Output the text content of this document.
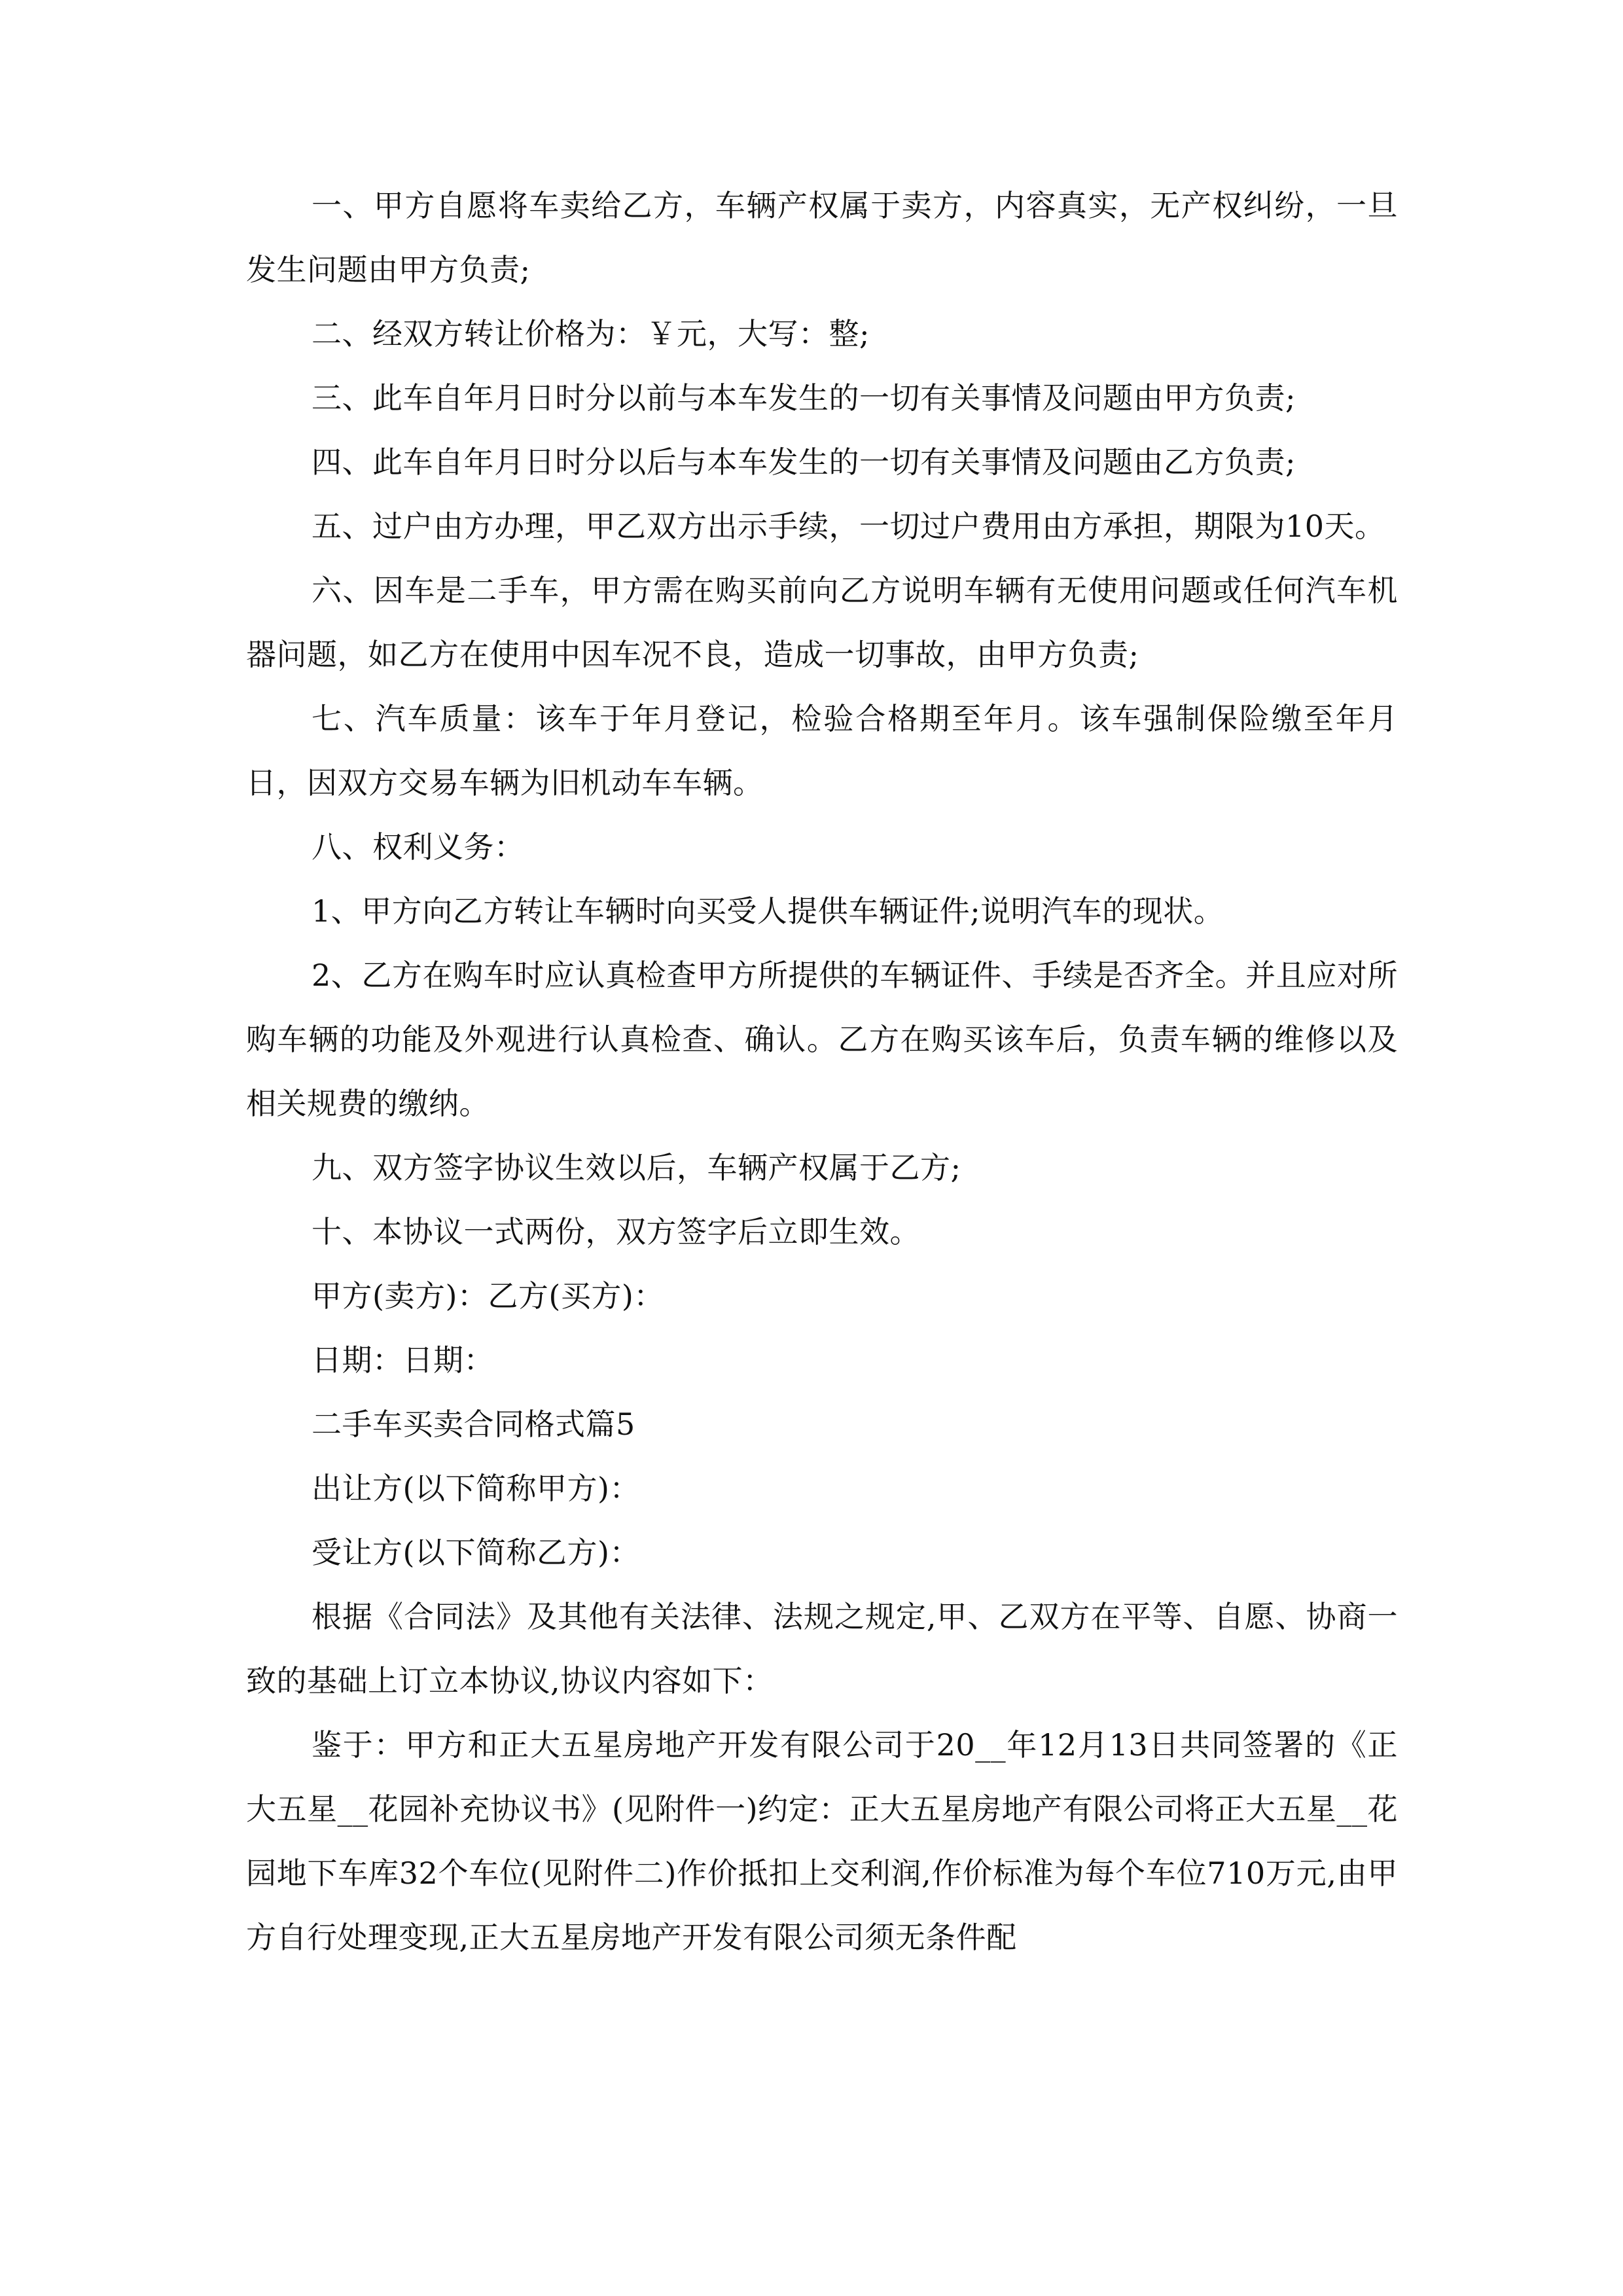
一、甲方自愿将车卖给乙方，车辆产权属于卖方，内容真实，无产权纠纷，一旦发生问题由甲方负责;

二、经双方转让价格为：￥元，大写：整;

三、此车自年月日时分以前与本车发生的一切有关事情及问题由甲方负责;

四、此车自年月日时分以后与本车发生的一切有关事情及问题由乙方负责;

五、过户由方办理，甲乙双方出示手续，一切过户费用由方承担，期限为10天。

六、因车是二手车，甲方需在购买前向乙方说明车辆有无使用问题或任何汽车机器问题，如乙方在使用中因车况不良，造成一切事故，由甲方负责;

七、汽车质量：该车于年月登记，检验合格期至年月。该车强制保险缴至年月日，因双方交易车辆为旧机动车车辆。

八、权利义务：

1、甲方向乙方转让车辆时向买受人提供车辆证件;说明汽车的现状。

2、乙方在购车时应认真检查甲方所提供的车辆证件、手续是否齐全。并且应对所购车辆的功能及外观进行认真检查、确认。乙方在购买该车后，负责车辆的维修以及相关规费的缴纳。

九、双方签字协议生效以后，车辆产权属于乙方;

十、本协议一式两份，双方签字后立即生效。

甲方(卖方)：乙方(买方)：

日期：日期：

二手车买卖合同格式篇5

出让方(以下简称甲方)：

受让方(以下简称乙方)：

根据《合同法》及其他有关法律、法规之规定,甲、乙双方在平等、自愿、协商一致的基础上订立本协议,协议内容如下：

鉴于：甲方和正大五星房地产开发有限公司于20__年12月13日共同签署的《正大五星__花园补充协议书》(见附件一)约定：正大五星房地产有限公司将正大五星__花园地下车库32个车位(见附件二)作价抵扣上交利润,作价标准为每个车位710万元,由甲方自行处理变现,正大五星房地产开发有限公司须无条件配
